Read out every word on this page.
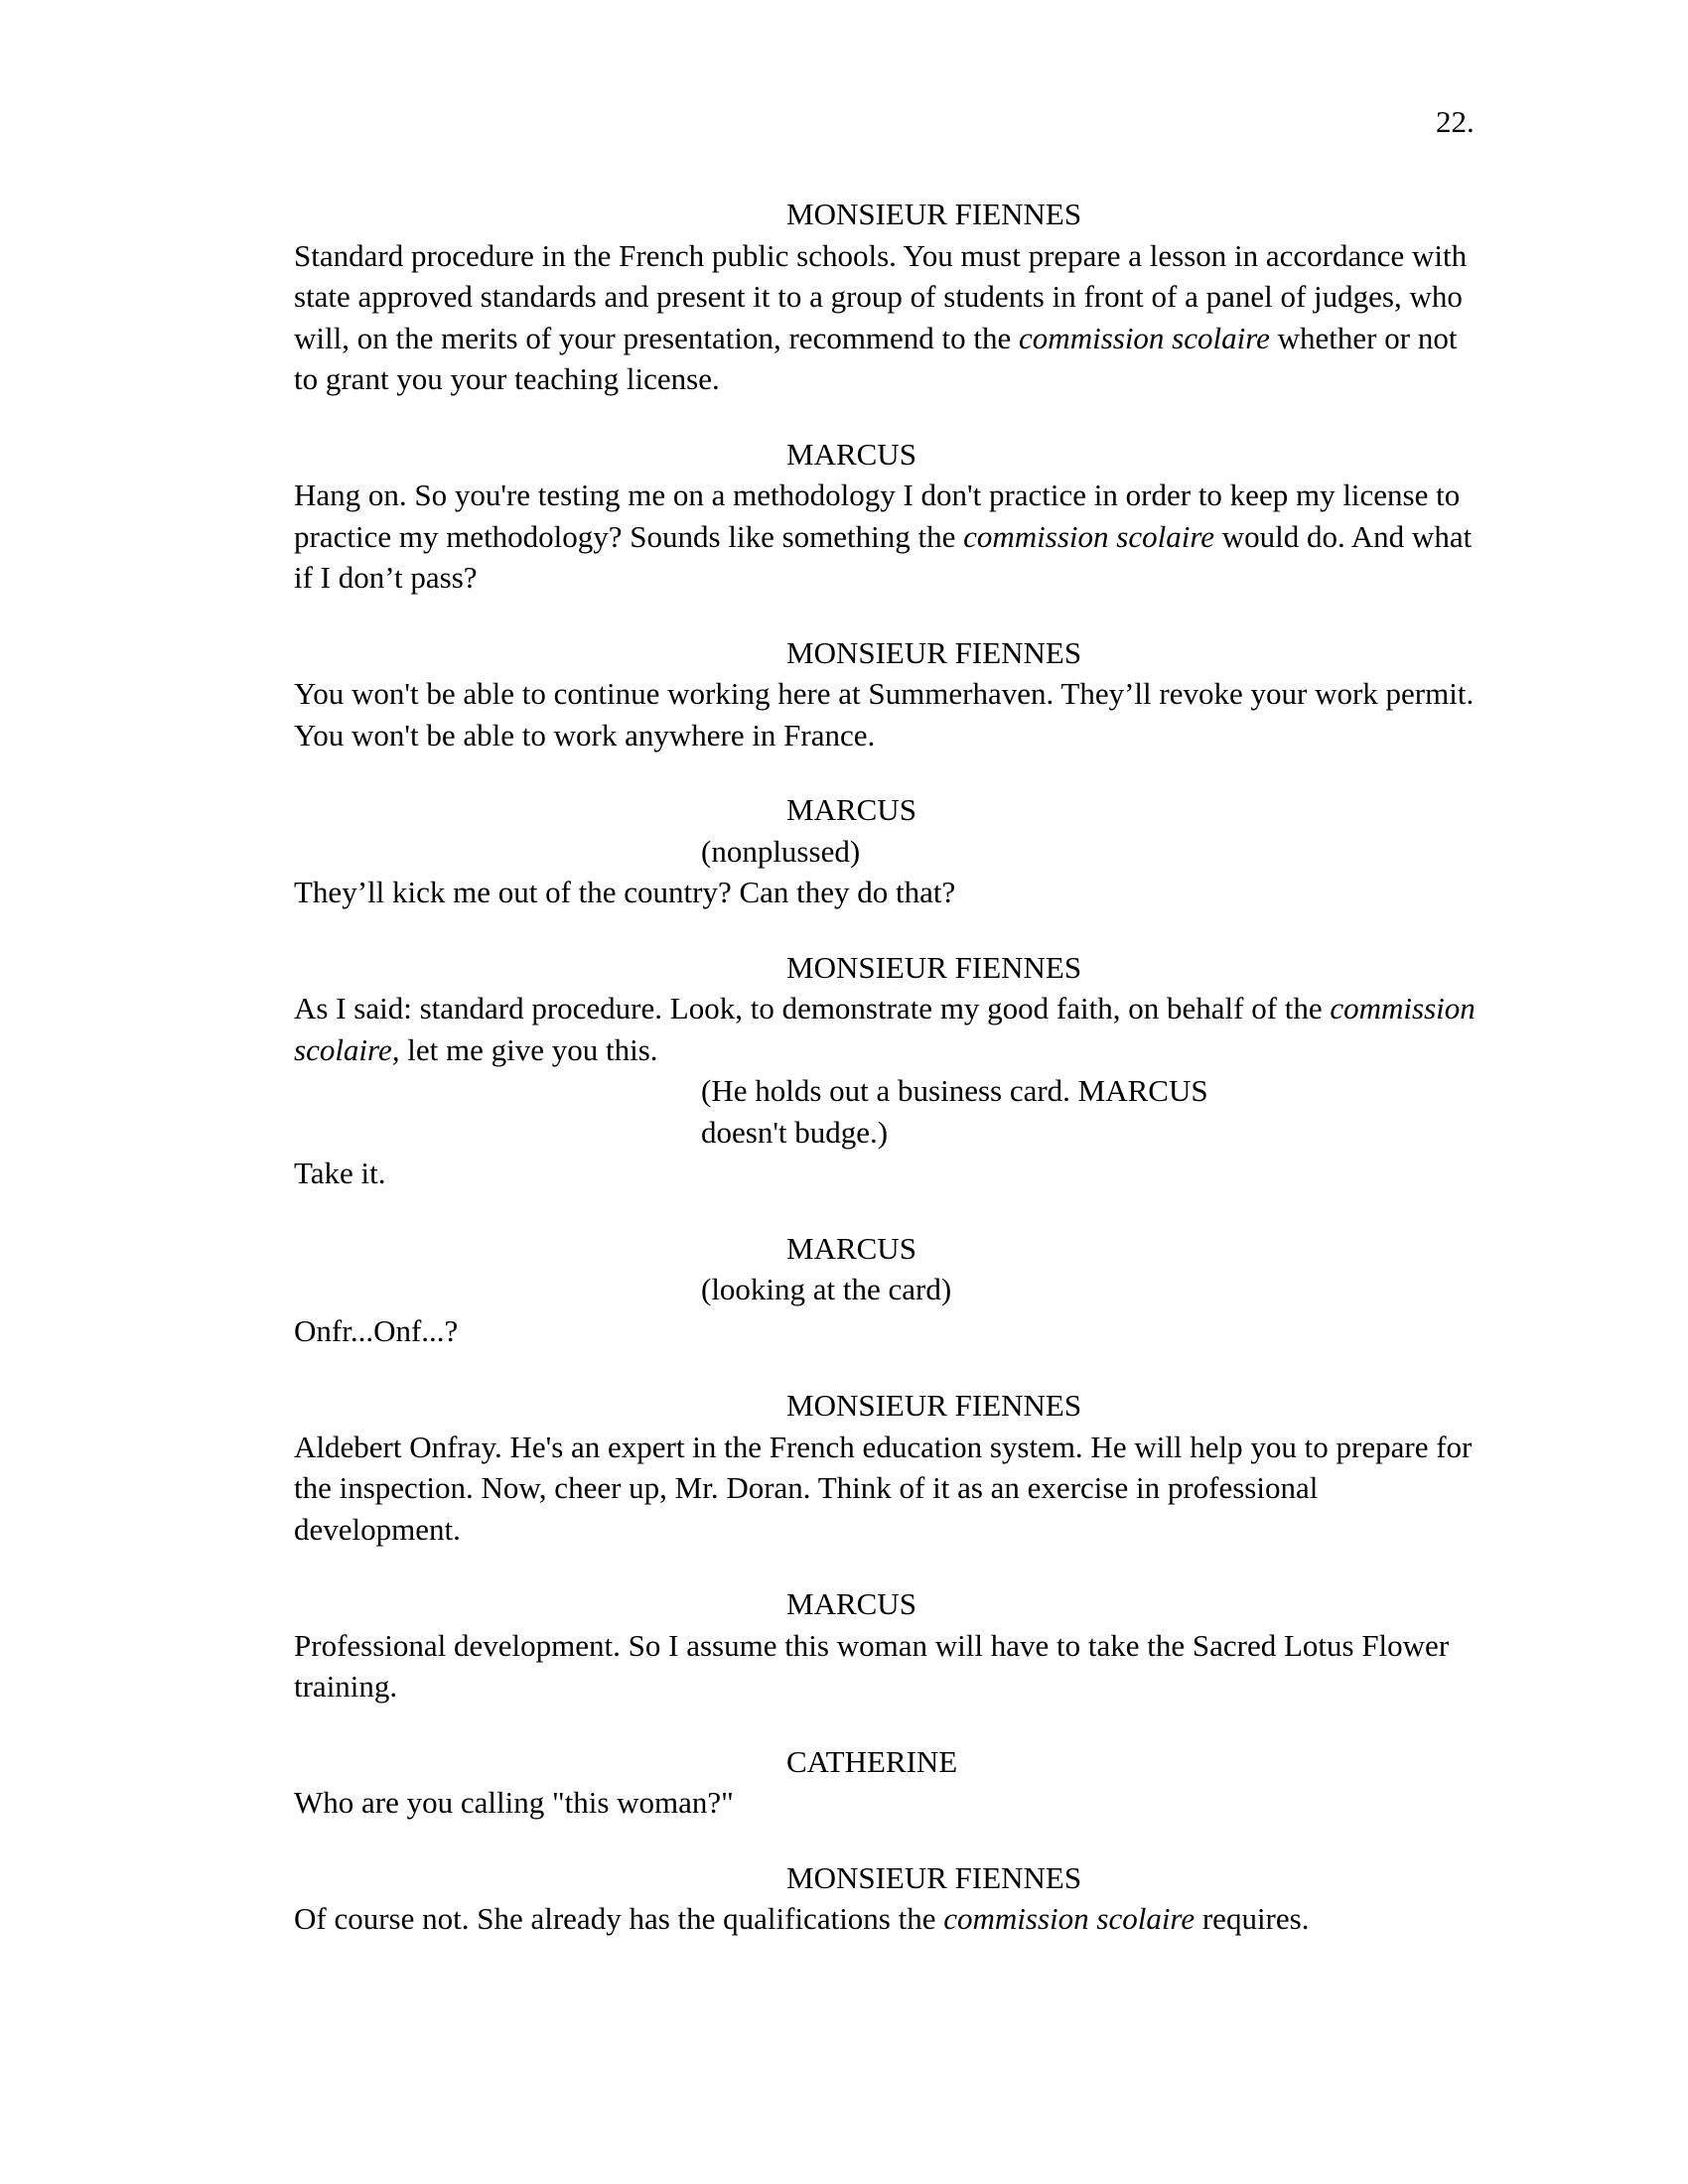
22.
MONSIEUR FIENNES
Standard procedure in the French public schools. You must prepare a lesson in accordance with state approved standards and present it to a group of students in front of a panel of judges, who will, on the merits of your presentation, recommend to the commission scolaire whether or not to grant you your teaching license.
MARCUS
Hang on. So you're testing me on a methodology I don't practice in order to keep my license to practice my methodology? Sounds like something the commission scolaire would do. And what if I don’t pass?
MONSIEUR FIENNES
You won't be able to continue working here at Summerhaven. They’ll revoke your work permit. You won't be able to work anywhere in France.
MARCUS
(nonplussed)
They’ll kick me out of the country? Can they do that?
MONSIEUR FIENNES
As I said: standard procedure. Look, to demonstrate my good faith, on behalf of the commission scolaire, let me give you this.
(He holds out a business card. MARCUS
doesn't budge.)
Take it.
MARCUS
(looking at the card)
Onfr...Onf...?
MONSIEUR FIENNES
Aldebert Onfray. He's an expert in the French education system. He will help you to prepare for the inspection. Now, cheer up, Mr. Doran. Think of it as an exercise in professional development.
MARCUS
Professional development. So I assume this woman will have to take the Sacred Lotus Flower training.
CATHERINE
Who are you calling "this woman?"
MONSIEUR FIENNES
Of course not. She already has the qualifications the commission scolaire requires.
